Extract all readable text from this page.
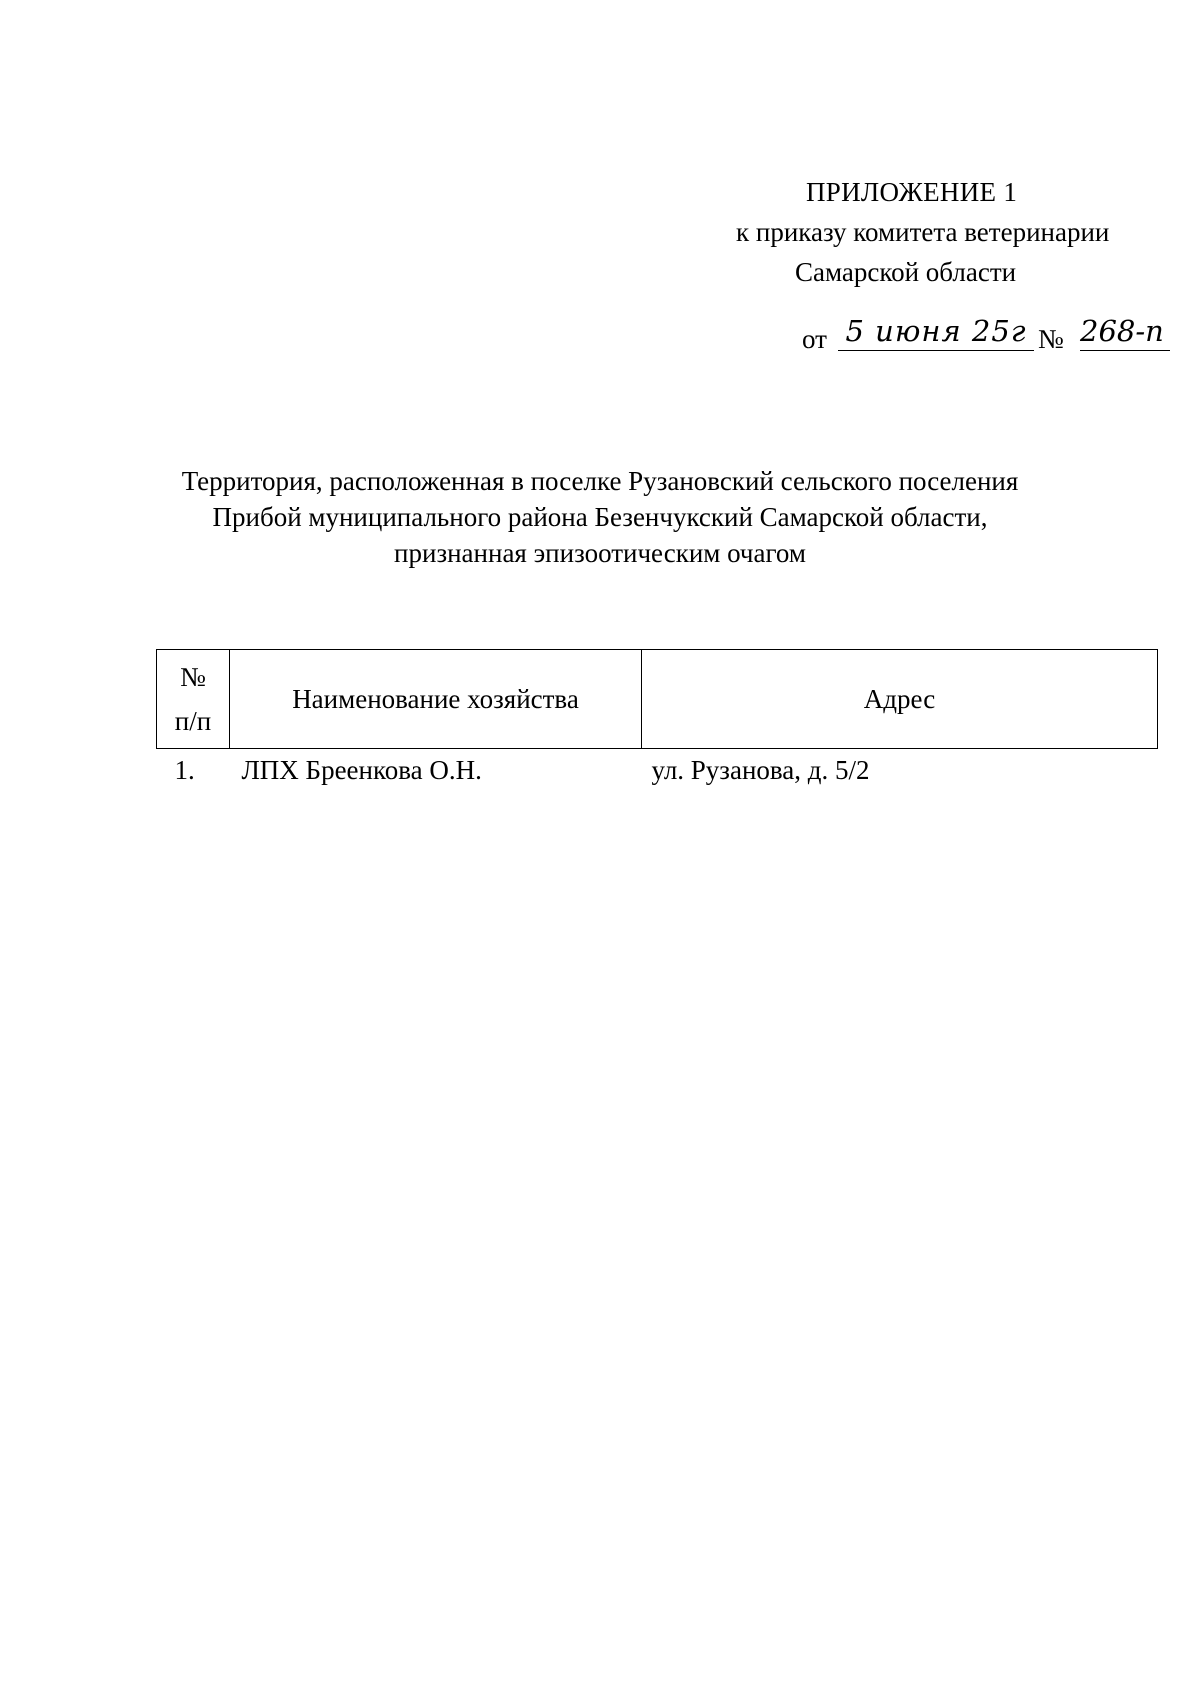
ПРИЛОЖЕНИЕ 1
к приказу комитета ветеринарии
Самарской области
от 5 июня 25г № 268-п
Территория, расположенная в поселке Рузановский сельского поселения
Прибой муниципального района Безенчукский Самарской области,
признанная эпизоотическим очагом
№
п/п	Наименование хозяйства	Адрес
1.	ЛПХ Бреенкова О.Н.	ул. Рузанова, д. 5/2
